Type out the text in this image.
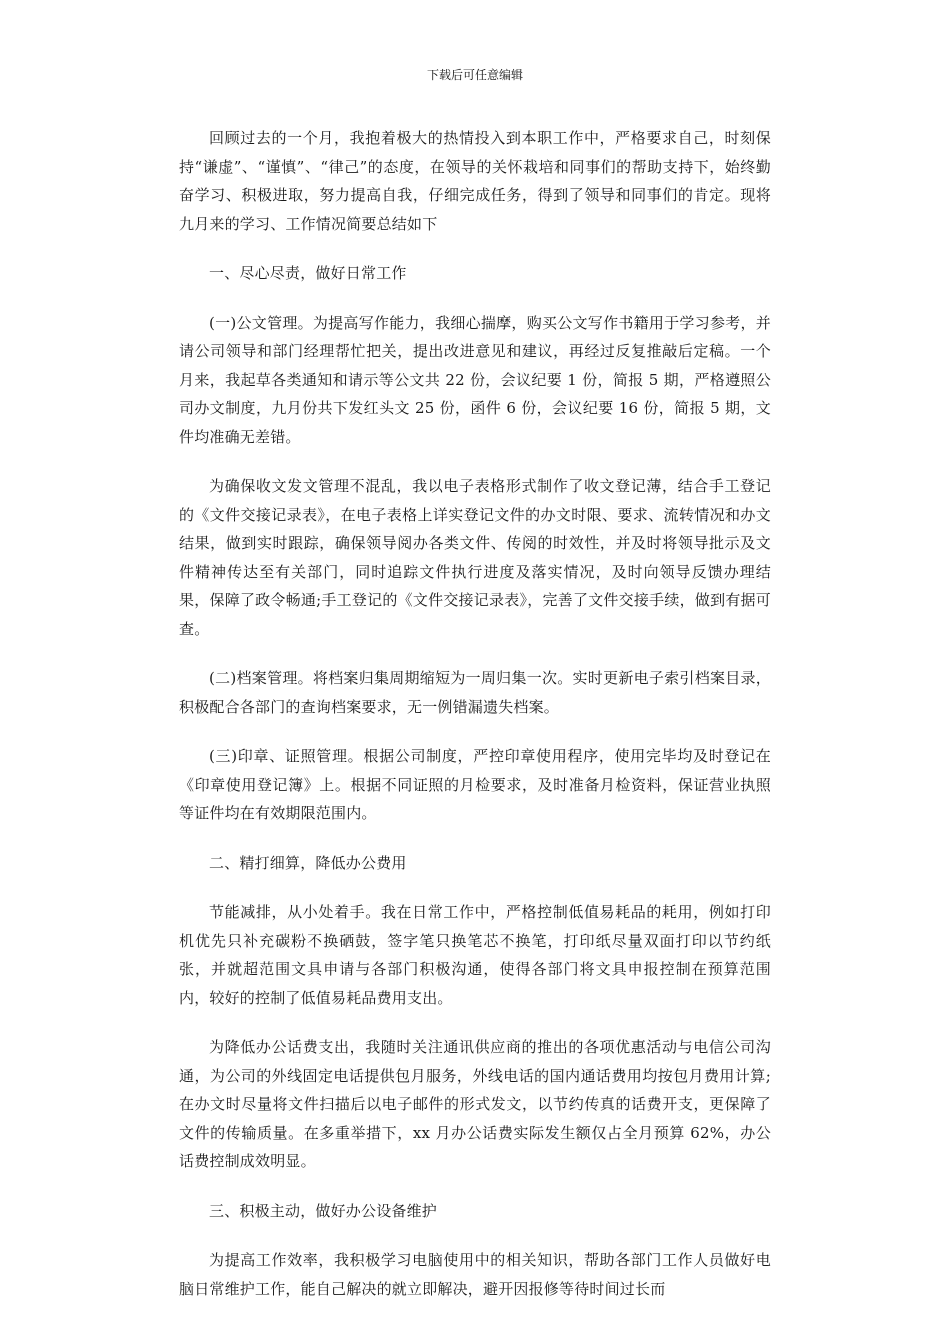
下载后可任意编辑

回顾过去的一个月，我抱着极大的热情投入到本职工作中，严格要求自己，时刻保持“谦虚”、“谨慎”、“律己”的态度，在领导的关怀栽培和同事们的帮助支持下，始终勤奋学习、积极进取，努力提高自我，仔细完成任务，得到了领导和同事们的肯定。现将九月来的学习、工作情况简要总结如下

一、尽心尽责，做好日常工作

(一)公文管理。为提高写作能力，我细心揣摩，购买公文写作书籍用于学习参考，并请公司领导和部门经理帮忙把关，提出改进意见和建议，再经过反复推敲后定稿。一个月来，我起草各类通知和请示等公文共 22 份，会议纪要 1 份，简报 5 期，严格遵照公司办文制度，九月份共下发红头文 25 份，函件 6 份，会议纪要 16 份，简报 5 期，文件均准确无差错。

为确保收文发文管理不混乱，我以电子表格形式制作了收文登记薄，结合手工登记的《文件交接记录表》，在电子表格上详实登记文件的办文时限、要求、流转情况和办文结果，做到实时跟踪，确保领导阅办各类文件、传阅的时效性，并及时将领导批示及文件精神传达至有关部门，同时追踪文件执行进度及落实情况，及时向领导反馈办理结果，保障了政令畅通;手工登记的《文件交接记录表》，完善了文件交接手续，做到有据可查。

(二)档案管理。将档案归集周期缩短为一周归集一次。实时更新电子索引档案目录，积极配合各部门的查询档案要求，无一例错漏遗失档案。

(三)印章、证照管理。根据公司制度，严控印章使用程序，使用完毕均及时登记在《印章使用登记簿》上。根据不同证照的月检要求，及时准备月检资料，保证营业执照等证件均在有效期限范围内。

二、精打细算，降低办公费用

节能减排，从小处着手。我在日常工作中，严格控制低值易耗品的耗用，例如打印机优先只补充碳粉不换硒鼓，签字笔只换笔芯不换笔，打印纸尽量双面打印以节约纸张，并就超范围文具申请与各部门积极沟通，使得各部门将文具申报控制在预算范围内，较好的控制了低值易耗品费用支出。

为降低办公话费支出，我随时关注通讯供应商的推出的各项优惠活动与电信公司沟通，为公司的外线固定电话提供包月服务，外线电话的国内通话费用均按包月费用计算;在办文时尽量将文件扫描后以电子邮件的形式发文，以节约传真的话费开支，更保障了文件的传输质量。在多重举措下，xx 月办公话费实际发生额仅占全月预算 62%，办公话费控制成效明显。

三、积极主动，做好办公设备维护

为提高工作效率，我积极学习电脑使用中的相关知识，帮助各部门工作人员做好电脑日常维护工作，能自己解决的就立即解决，避开因报修等待时间过长而
